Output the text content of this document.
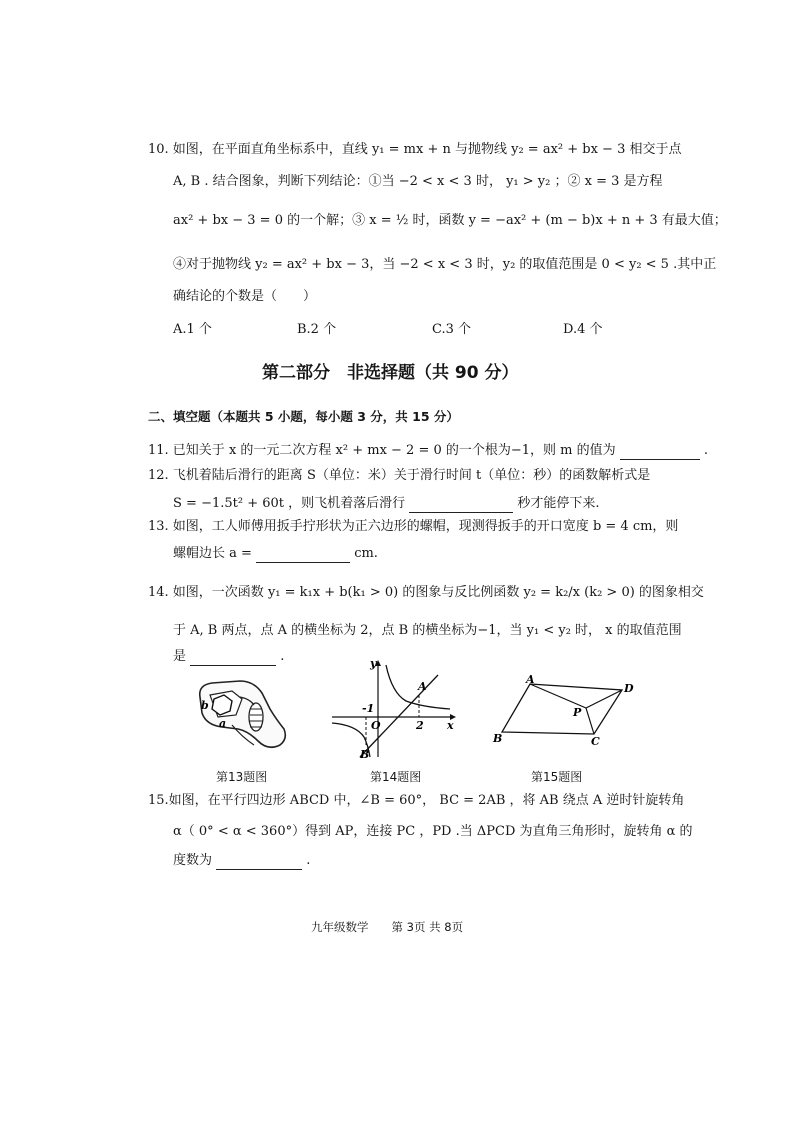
10. 如图，在平面直角坐标系中，直线 y₁ = mx + n 与抛物线 y₂ = ax² + bx − 3 相交于点
A, B . 结合图象，判断下列结论：①当 −2 < x < 3 时， y₁ > y₂ ；② x = 3 是方程
ax² + bx − 3 = 0 的一个解；③ x = ½ 时，函数 y = −ax² + (m − b)x + n + 3 有最大值；
④对于抛物线 y₂ = ax² + bx − 3，当 −2 < x < 3 时，y₂ 的取值范围是 0 < y₂ < 5 .其中正
确结论的个数是（　　）
A.1 个	B.2 个	C.3 个	D.4 个
第二部分　非选择题（共 90 分）
二、填空题（本题共 5 小题，每小题 3 分，共 15 分）
11. 已知关于 x 的一元二次方程 x² + mx − 2 = 0 的一个根为−1，则 m 的值为	.
12. 飞机着陆后滑行的距离 S（单位：米）关于滑行时间 t（单位：秒）的函数解析式是
S = −1.5t² + 60t ，则飞机着落后滑行	秒才能停下来.
13. 如图，工人师傅用扳手拧形状为正六边形的螺帽，现测得扳手的开口宽度 b = 4 cm，则
螺帽边长 a =	cm.
14. 如图，一次函数 y₁ = k₁x + b(k₁ > 0) 的图象与反比例函数 y₂ = k₂/x (k₂ > 0) 的图象相交
于 A, B 两点，点 A 的横坐标为 2，点 B 的横坐标为−1，当 y₁ < y₂ 时， x 的取值范围
是	.
b
a
第13题图
y
x
O
A
B
-1
2
第14题图
A
D
P
B	C
第15题图
15.如图，在平行四边形 ABCD 中，∠B = 60°， BC = 2AB ，将 AB 绕点 A 逆时针旋转角
α（ 0° < α < 360°）得到 AP，连接 PC ，PD .当 ΔPCD 为直角三角形时，旋转角 α 的
度数为	.
九年级数学　　第 3页 共 8页
